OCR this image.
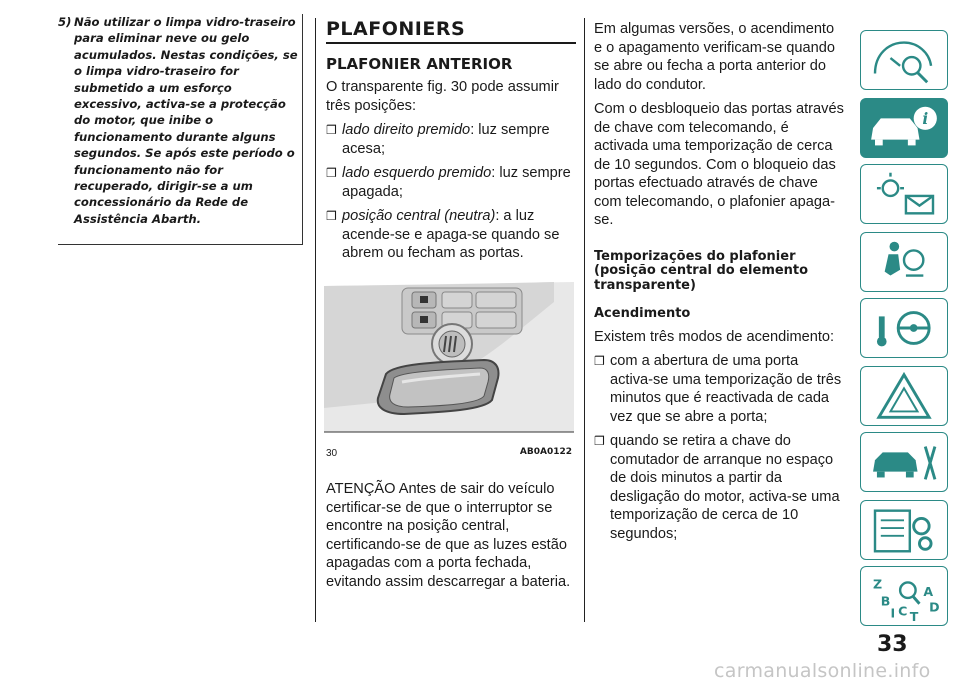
5) Não utilizar o limpa vidro-traseiro para eliminar neve ou gelo acumulados. Nestas condições, se o limpa vidro-traseiro for submetido a um esforço excessivo, activa-se a protecção do motor, que inibe o funcionamento durante alguns segundos. Se após este período o funcionamento não for recuperado, dirigir-se a um concessionário da Rede de Assistência Abarth.
PLAFONIERS
PLAFONIER ANTERIOR

O transparente fig. 30 pode assumir três posições:

❒ lado direito premido: luz sempre acesa;
❒ lado esquerdo premido: luz sempre apagada;
❒ posição central (neutra): a luz acende-se e apaga-se quando se abrem ou fecham as portas.
30	AB0A0122

ATENÇÃO Antes de sair do veículo certificar-se de que o interruptor se encontre na posição central, certificando-se de que as luzes estão apagadas com a porta fechada, evitando assim descarregar a bateria.

Em algumas versões, o acendimento e o apagamento verificam-se quando se abre ou fecha a porta anterior do lado do condutor.

Com o desbloqueio das portas através de chave com telecomando, é activada uma temporização de cerca de 10 segundos. Com o bloqueio das portas efectuado através de chave com telecomando, o plafonier apaga-se.

Temporizações do plafonier (posição central do elemento transparente)
Acendimento

Existem três modos de acendimento:

❒ com a abertura de uma porta activa-se uma temporização de três minutos que é reactivada de cada vez que se abre a porta;
❒ quando se retira a chave do comutador de arranque no espaço de dois minutos a partir da desligação do motor, activa-se uma temporização de cerca de 10 segundos;
i
Z
A
B
C D
I T
33
carmanualsonline.info
